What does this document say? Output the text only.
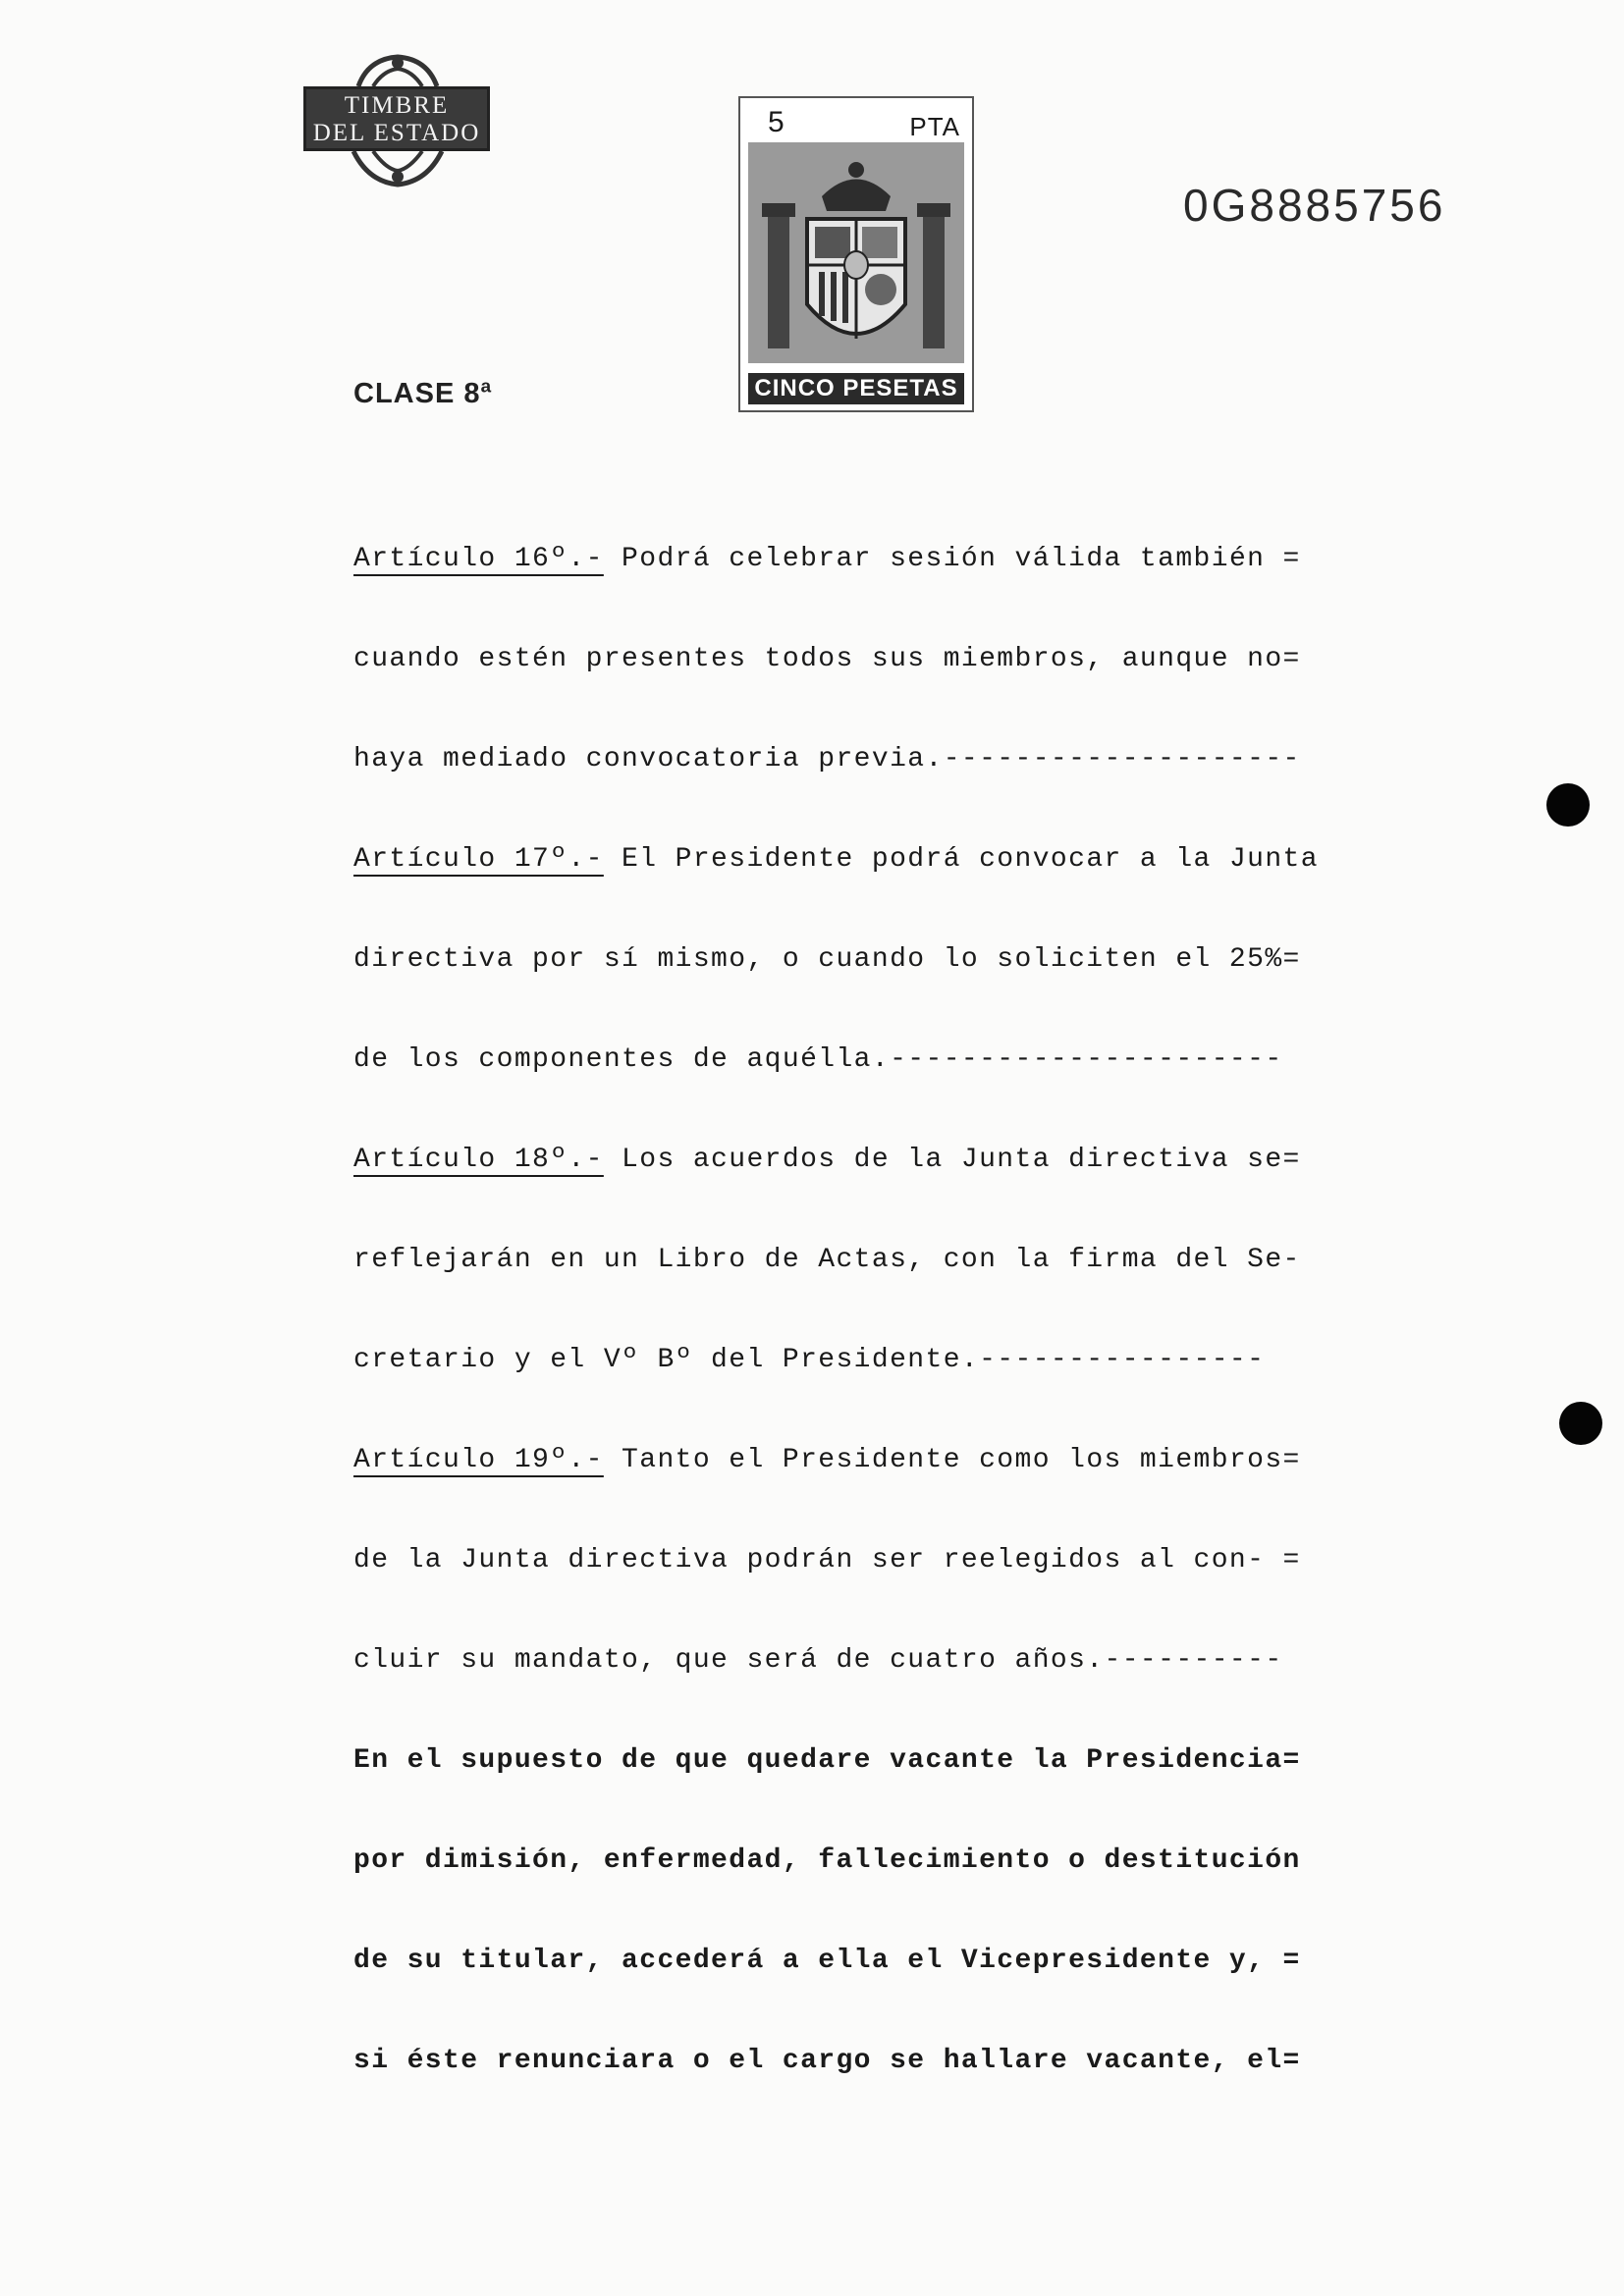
TIMBRE
DEL ESTADO	5	PTA
CINCO PESETAS
0G8885756
CLASE 8ª
Artículo 16º.- Podrá celebrar sesión válida también =
cuando estén presentes todos sus miembros, aunque no=
haya mediado convocatoria previa.--------------------
Artículo 17º.- El Presidente podrá convocar a la Junta
directiva por sí mismo, o cuando lo soliciten el 25%=
de los componentes de aquélla.----------------------
Artículo 18º.- Los acuerdos de la Junta directiva se=
reflejarán en un Libro de Actas, con la firma del Se-
cretario y el Vº Bº del Presidente.----------------
Artículo 19º.- Tanto el Presidente como los miembros=
de la Junta directiva podrán ser reelegidos al con- =
cluir su mandato, que será de cuatro años.----------
En el supuesto de que quedare vacante la Presidencia=
por dimisión, enfermedad, fallecimiento o destitución
de su titular, accederá a ella el Vicepresidente y, =
si éste renunciara o el cargo se hallare vacante, el=
